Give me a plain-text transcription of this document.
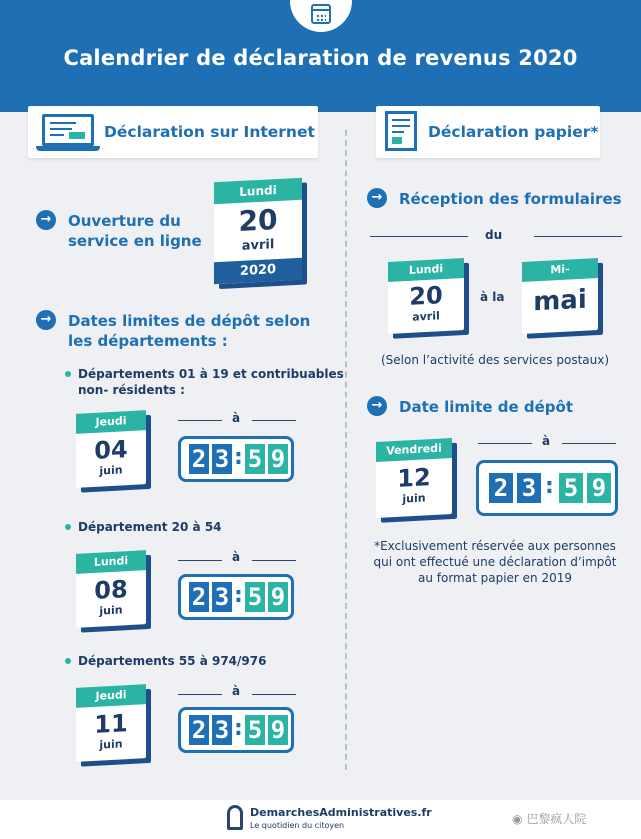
Calendrier de déclaration de revenus 2020
Déclaration sur Internet	Déclaration papier*
→	Ouverture du
service en ligne
Lundi
20
avril
2020
→	Dates limites de dépôt selon
les départements :
Départements 01 à 19 et contribuables
non- résidents :
Jeudi
04
juin
à
2 3 : 5 9
Département 20 à 54
Lundi
08
juin
à
2 3 : 5 9
Départements 55 à 974/976
Jeudi
11
juin
à
2 3 : 5 9
→	Réception des formulaires
du
Lundi
20
avril
à la
Mi-
mai
(Selon l’activité des services postaux)
→	Date limite de dépôt
Vendredi
12
juin
à
2 3 : 5 9
*Exclusivement réservée aux personnes
qui ont effectué une déclaration d’impôt
au format papier en 2019
DemarchesAdministratives.fr
Le quotidien du citoyen	◉ 巴黎疯人院
